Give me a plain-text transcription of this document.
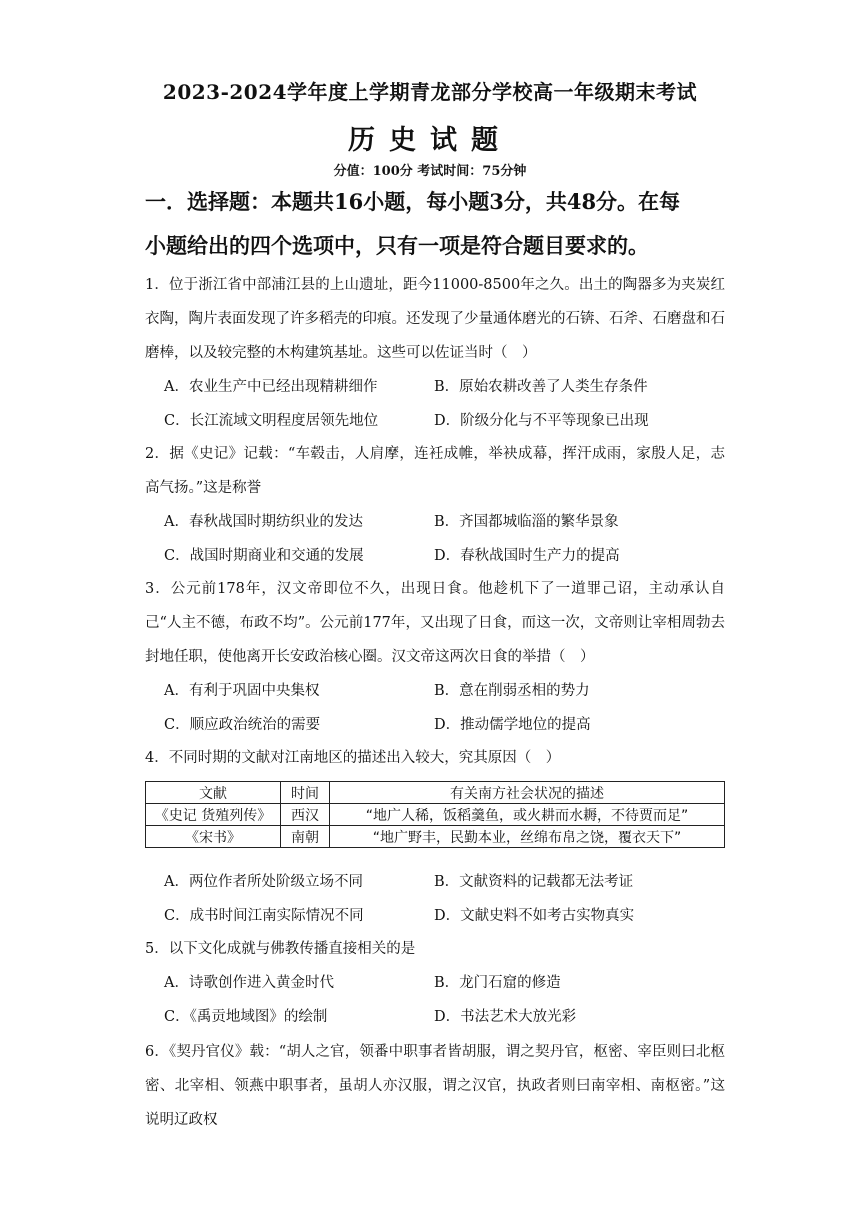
2023-2024学年度上学期青龙部分学校高一年级期末考试
历史试题
分值：100分 考试时间：75分钟
一．选择题：本题共16小题，每小题3分，共48分。在每
小题给出的四个选项中，只有一项是符合题目要求的。
1．位于浙江省中部浦江县的上山遗址，距今11000-8500年之久。出土的陶器多为夹炭红衣陶，陶片表面发现了许多稻壳的印痕。还发现了少量通体磨光的石锛、石斧、石磨盘和石磨棒，以及较完整的木构建筑基址。这些可以佐证当时（　）
A．农业生产中已经出现精耕细作	B．原始农耕改善了人类生存条件
C．长江流域文明程度居领先地位	D．阶级分化与不平等现象已出现
2．据《史记》记载：“车毂击，人肩摩，连衽成帷，举袂成幕，挥汗成雨，家殷人足，志高气扬。”这是称誉
A．春秋战国时期纺织业的发达	B．齐国都城临淄的繁华景象
C．战国时期商业和交通的发展	D．春秋战国时生产力的提高
3．公元前178年，汉文帝即位不久，出现日食。他趁机下了一道罪己诏，主动承认自己“人主不德，布政不均”。公元前177年，又出现了日食，而这一次，文帝则让宰相周勃去封地任职，使他离开长安政治核心圈。汉文帝这两次日食的举措（　）
A．有利于巩固中央集权	B．意在削弱丞相的势力
C．顺应政治统治的需要	D．推动儒学地位的提高
4．不同时期的文献对江南地区的描述出入较大，究其原因（　）
文献	时间	有关南方社会状况的描述
《史记 货殖列传》	西汉	“地广人稀，饭稻羹鱼，或火耕而水耨，不待贾而足”
《宋书》	南朝	“地广野丰，民勤本业，丝绵布帛之饶，覆衣天下”
A．两位作者所处阶级立场不同	B．文献资料的记载都无法考证
C．成书时间江南实际情况不同	D．文献史料不如考古实物真实
5．以下文化成就与佛教传播直接相关的是
A．诗歌创作进入黄金时代	B．龙门石窟的修造
C．《禹贡地域图》的绘制	D．书法艺术大放光彩
6．《契丹官仪》载：“胡人之官，领番中职事者皆胡服，谓之契丹官，枢密、宰臣则曰北枢密、北宰相、领燕中职事者，虽胡人亦汉服，谓之汉官，执政者则曰南宰相、南枢密。”这说明辽政权
